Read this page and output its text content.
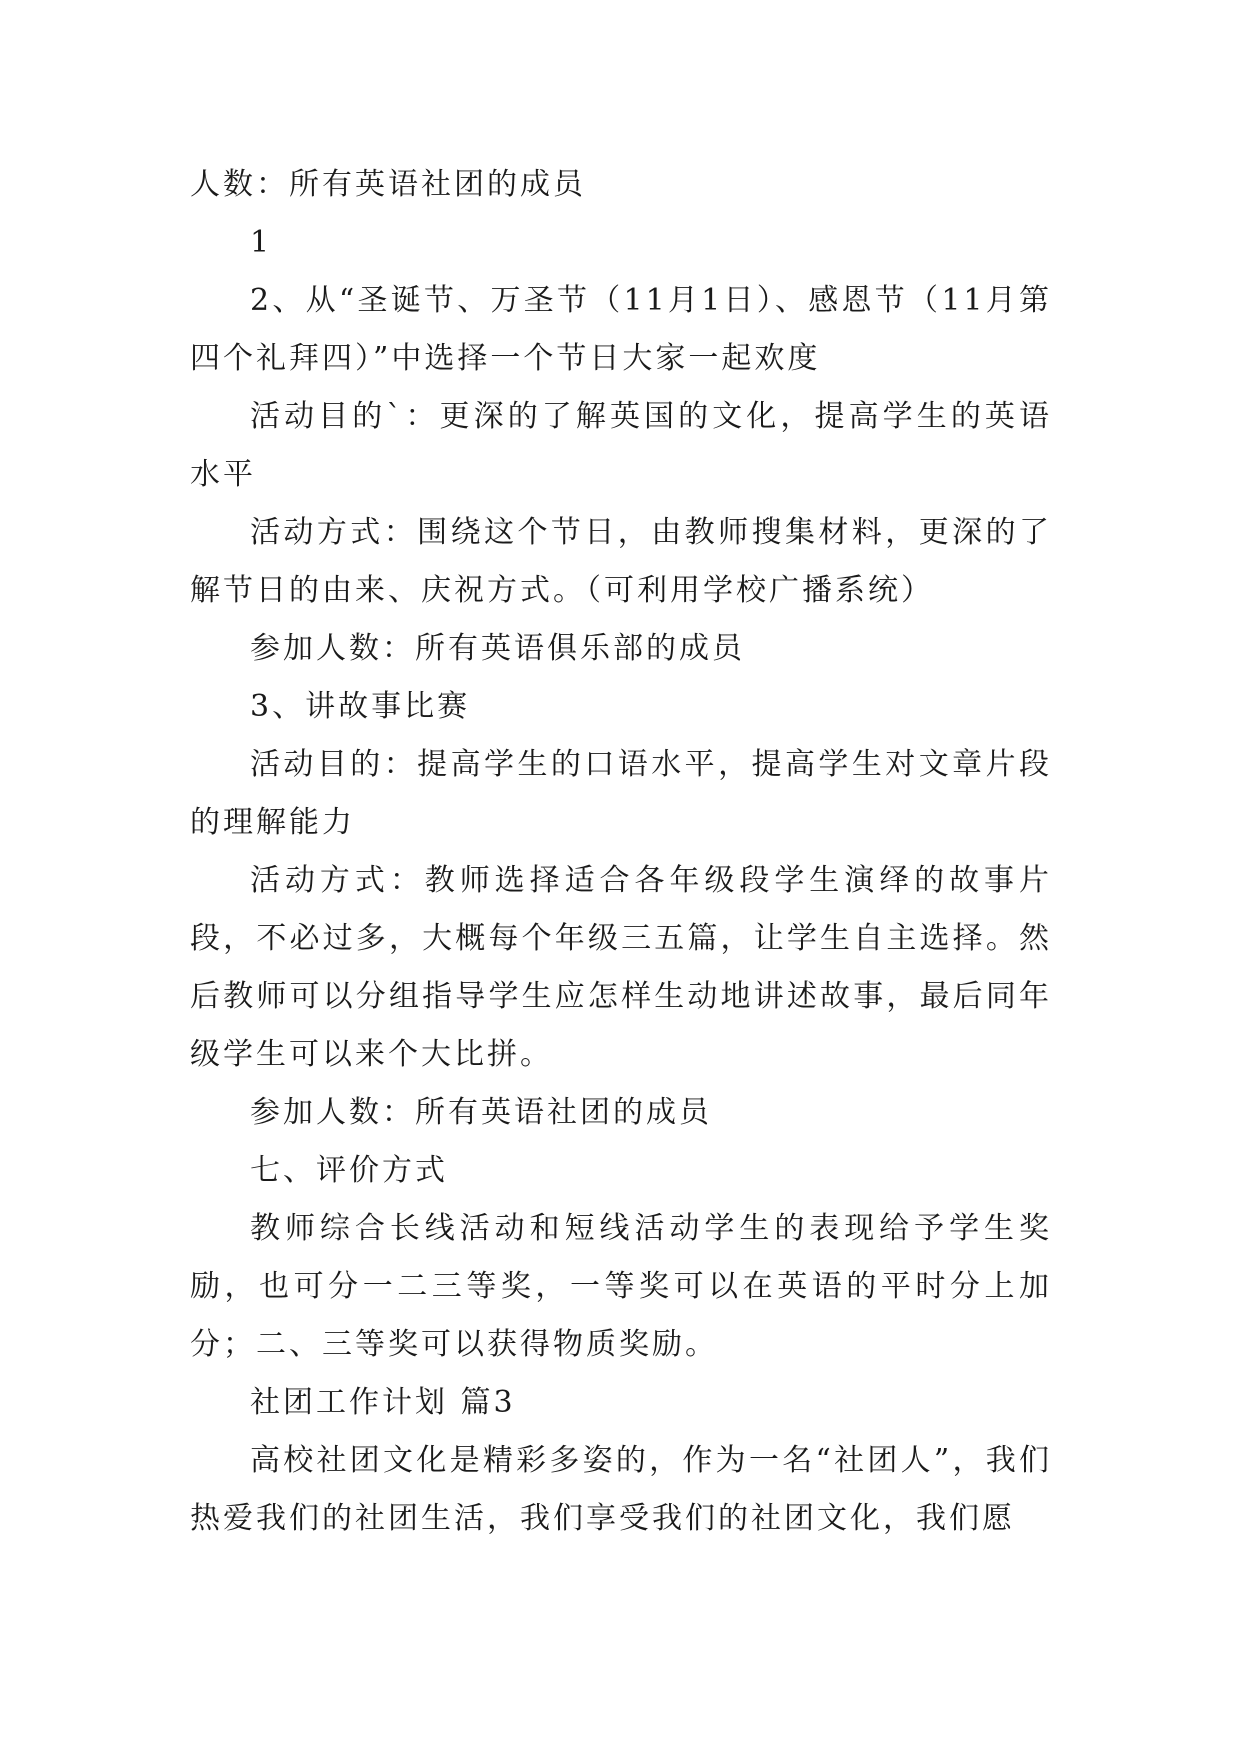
人数：所有英语社团的成员

1

2、从“圣诞节、万圣节（11月1日）、感恩节（11月第四个礼拜四）”中选择一个节日大家一起欢度

活动目的`：更深的了解英国的文化，提高学生的英语水平

活动方式：围绕这个节日，由教师搜集材料，更深的了解节日的由来、庆祝方式。（可利用学校广播系统）

参加人数：所有英语俱乐部的成员

3、讲故事比赛

活动目的：提高学生的口语水平，提高学生对文章片段的理解能力

活动方式：教师选择适合各年级段学生演绎的故事片段，不必过多，大概每个年级三五篇，让学生自主选择。然后教师可以分组指导学生应怎样生动地讲述故事，最后同年级学生可以来个大比拼。

参加人数：所有英语社团的成员

七、评价方式

教师综合长线活动和短线活动学生的表现给予学生奖励，也可分一二三等奖，一等奖可以在英语的平时分上加分；二、三等奖可以获得物质奖励。

社团工作计划 篇3

高校社团文化是精彩多姿的，作为一名“社团人”，我们热爱我们的社团生活，我们享受我们的社团文化，我们愿
